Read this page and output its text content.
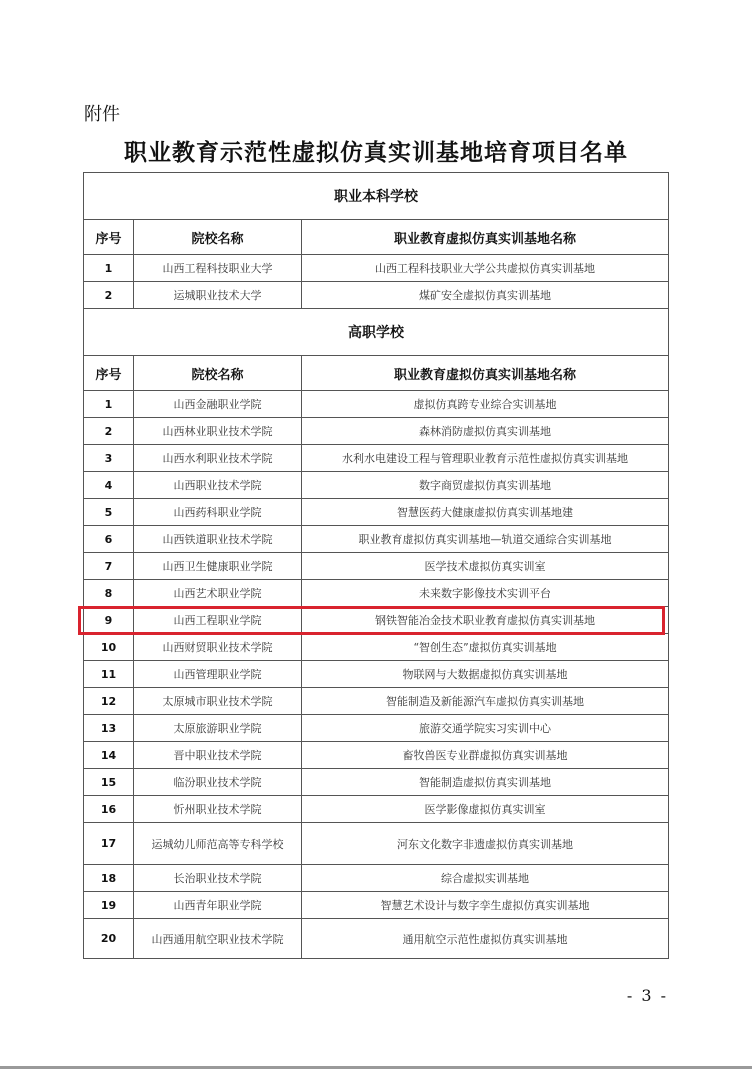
附件
职业教育示范性虚拟仿真实训基地培育项目名单
职业本科学校		
序号	院校名称	职业教育虚拟仿真实训基地名称
1	山西工程科技职业大学	山西工程科技职业大学公共虚拟仿真实训基地
2	运城职业技术大学	煤矿安全虚拟仿真实训基地
高职学校		
序号	院校名称	职业教育虚拟仿真实训基地名称
1	山西金融职业学院	虚拟仿真跨专业综合实训基地
2	山西林业职业技术学院	森林消防虚拟仿真实训基地
3	山西水利职业技术学院	水利水电建设工程与管理职业教育示范性虚拟仿真实训基地
4	山西职业技术学院	数字商贸虚拟仿真实训基地
5	山西药科职业学院	智慧医药大健康虚拟仿真实训基地建
6	山西铁道职业技术学院	职业教育虚拟仿真实训基地—轨道交通综合实训基地
7	山西卫生健康职业学院	医学技术虚拟仿真实训室
8	山西艺术职业学院	未来数字影像技术实训平台
9	山西工程职业学院	钢铁智能冶金技术职业教育虚拟仿真实训基地
10	山西财贸职业技术学院	“智创生态”虚拟仿真实训基地
11	山西管理职业学院	物联网与大数据虚拟仿真实训基地
12	太原城市职业技术学院	智能制造及新能源汽车虚拟仿真实训基地
13	太原旅游职业学院	旅游交通学院实习实训中心
14	晋中职业技术学院	畜牧兽医专业群虚拟仿真实训基地
15	临汾职业技术学院	智能制造虚拟仿真实训基地
16	忻州职业技术学院	医学影像虚拟仿真实训室
17	运城幼儿师范高等专科学校	河东文化数字非遗虚拟仿真实训基地
18	长治职业技术学院	综合虚拟实训基地
19	山西青年职业学院	智慧艺术设计与数字孪生虚拟仿真实训基地
20	山西通用航空职业技术学院	通用航空示范性虚拟仿真实训基地
- 3 -
